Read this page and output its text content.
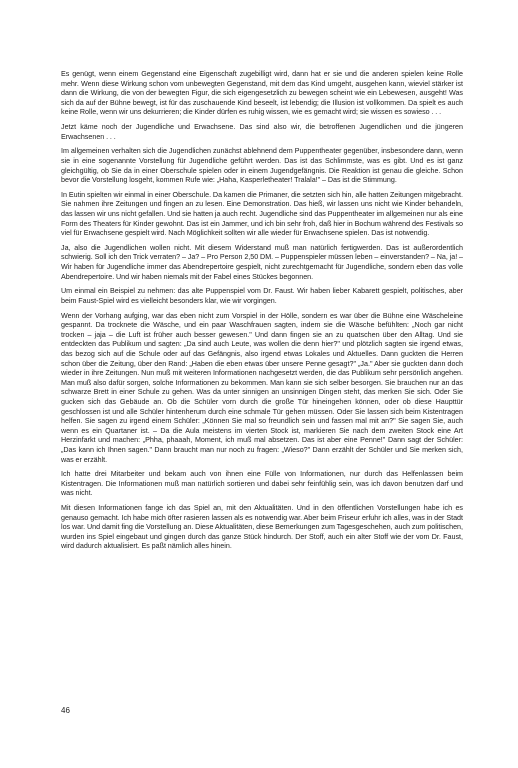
Es genügt, wenn einem Gegenstand eine Eigenschaft zugebilligt wird, dann hat er sie und die anderen spielen keine Rolle mehr. Wenn diese Wirkung schon vom unbewegten Gegenstand, mit dem das Kind umgeht, ausgehen kann, wieviel stärker ist dann die Wirkung, die von der bewegten Figur, die sich eigengesetzlich zu bewegen scheint wie ein Lebewesen, ausgeht! Was sich da auf der Bühne bewegt, ist für das zuschauende Kind beseelt, ist lebendig; die Illusion ist vollkommen. Da spielt es auch keine Rolle, wenn wir uns dekurrieren; die Kinder dürfen es ruhig wissen, wie es gemacht wird; sie wissen es sowieso . . .

Jetzt käme noch der Jugendliche und Erwachsene. Das sind also wir, die betroffenen Jugendlichen und die jüngeren Erwachsenen . . .

Im allgemeinen verhalten sich die Jugendlichen zunächst ablehnend dem Puppentheater gegenüber, insbesondere dann, wenn sie in eine sogenannte Vorstellung für Jugendliche geführt werden. Das ist das Schlimmste, was es gibt. Und es ist ganz gleichgültig, ob Sie da in einer Oberschule spielen oder in einem Jugendgefängnis. Die Reaktion ist genau die gleiche. Schon bevor die Vorstellung losgeht, kommen Rufe wie: „Haha, Kasperletheater! Tralala!" – Das ist die Stimmung.

In Eutin spielten wir einmal in einer Oberschule. Da kamen die Primaner, die setzten sich hin, alle hatten Zeitungen mitgebracht. Sie nahmen ihre Zeitungen und fingen an zu lesen. Eine Demonstration. Das hieß, wir lassen uns nicht wie Kinder behandeln, das lassen wir uns nicht gefallen. Und sie hatten ja auch recht. Jugendliche sind das Puppentheater im allgemeinen nur als eine Form des Theaters für Kinder gewohnt. Das ist ein Jammer, und ich bin sehr froh, daß hier in Bochum während des Festivals so viel für Erwachsene gespielt wird. Nach Möglichkeit sollten wir alle wieder für Erwachsene spielen. Das ist notwendig.

Ja, also die Jugendlichen wollen nicht. Mit diesem Widerstand muß man natürlich fertigwerden. Das ist außerordentlich schwierig. Soll ich den Trick verraten? – Ja? – Pro Person 2,50 DM. – Puppenspieler müssen leben – einverstanden? – Na, ja! – Wir haben für Jugendliche immer das Abendrepertoire gespielt, nicht zurechtgemacht für Jugendliche, sondern eben das volle Abendrepertoire. Und wir haben niemals mit der Fabel eines Stückes begonnen.

Um einmal ein Beispiel zu nehmen: das alte Puppenspiel vom Dr. Faust. Wir haben lieber Kabarett gespielt, politisches, aber beim Faust-Spiel wird es vielleicht besonders klar, wie wir vorgingen.

Wenn der Vorhang aufging, war das eben nicht zum Vorspiel in der Hölle, sondern es war über die Bühne eine Wäscheleine gespannt. Da trocknete die Wäsche, und ein paar Waschfrauen sagten, indem sie die Wäsche befühlten: „Noch gar nicht trocken – jaja – die Luft ist früher auch besser gewesen." Und dann fingen sie an zu quatschen über den Alltag. Und sie entdeckten das Publikum und sagten: „Da sind auch Leute, was wollen die denn hier?" und plötzlich sagten sie irgend etwas, das bezog sich auf die Schule oder auf das Gefängnis, also irgend etwas Lokales und Aktuelles. Dann guckten die Herren schon über die Zeitung, über den Rand: „Haben die eben etwas über unsere Penne gesagt?" „Ja." Aber sie guckten dann doch wieder in ihre Zeitungen. Nun muß mit weiteren Informationen nachgesetzt werden, die das Publikum sehr persönlich angehen. Man muß also dafür sorgen, solche Informationen zu bekommen. Man kann sie sich selber besorgen. Sie brauchen nur an das schwarze Brett in einer Schule zu gehen. Was da unter sinnigen an unsinnigen Dingen steht, das merken Sie sich. Oder Sie gucken sich das Gebäude an. Ob die Schüler vorn durch die große Tür hineingehen können, oder ob diese Haupttür geschlossen ist und alle Schüler hintenherum durch eine schmale Tür gehen müssen. Oder Sie lassen sich beim Kistentragen helfen. Sie sagen zu irgend einem Schüler: „Können Sie mal so freundlich sein und fassen mal mit an?" Sie sagen Sie, auch wenn es ein Quartaner ist. – Da die Aula meistens im vierten Stock ist, markieren Sie nach dem zweiten Stock eine Art Herzinfarkt und machen: „Phha, phaaah, Moment, ich muß mal absetzen. Das ist aber eine Penne!" Dann sagt der Schüler: „Das kann ich Ihnen sagen." Dann braucht man nur noch zu fragen: „Wieso?" Dann erzählt der Schüler und Sie merken sich, was er erzählt.

Ich hatte drei Mitarbeiter und bekam auch von ihnen eine Fülle von Informationen, nur durch das Helfenlassen beim Kistentragen. Die Informationen muß man natürlich sortieren und dabei sehr feinfühlig sein, was ich davon benutzen darf und was nicht.

Mit diesen Informationen fange ich das Spiel an, mit den Aktualitäten. Und in den öffentlichen Vorstellungen habe ich es genauso gemacht. Ich habe mich öfter rasieren lassen als es notwendig war. Aber beim Friseur erfuhr ich alles, was in der Stadt los war. Und damit fing die Vorstellung an. Diese Aktualitäten, diese Bemerkungen zum Tagesgeschehen, auch zum politischen, wurden ins Spiel eingebaut und gingen durch das ganze Stück hindurch. Der Stoff, auch ein alter Stoff wie der vom Dr. Faust, wird dadurch aktualisiert. Es paßt nämlich alles hinein.

46
